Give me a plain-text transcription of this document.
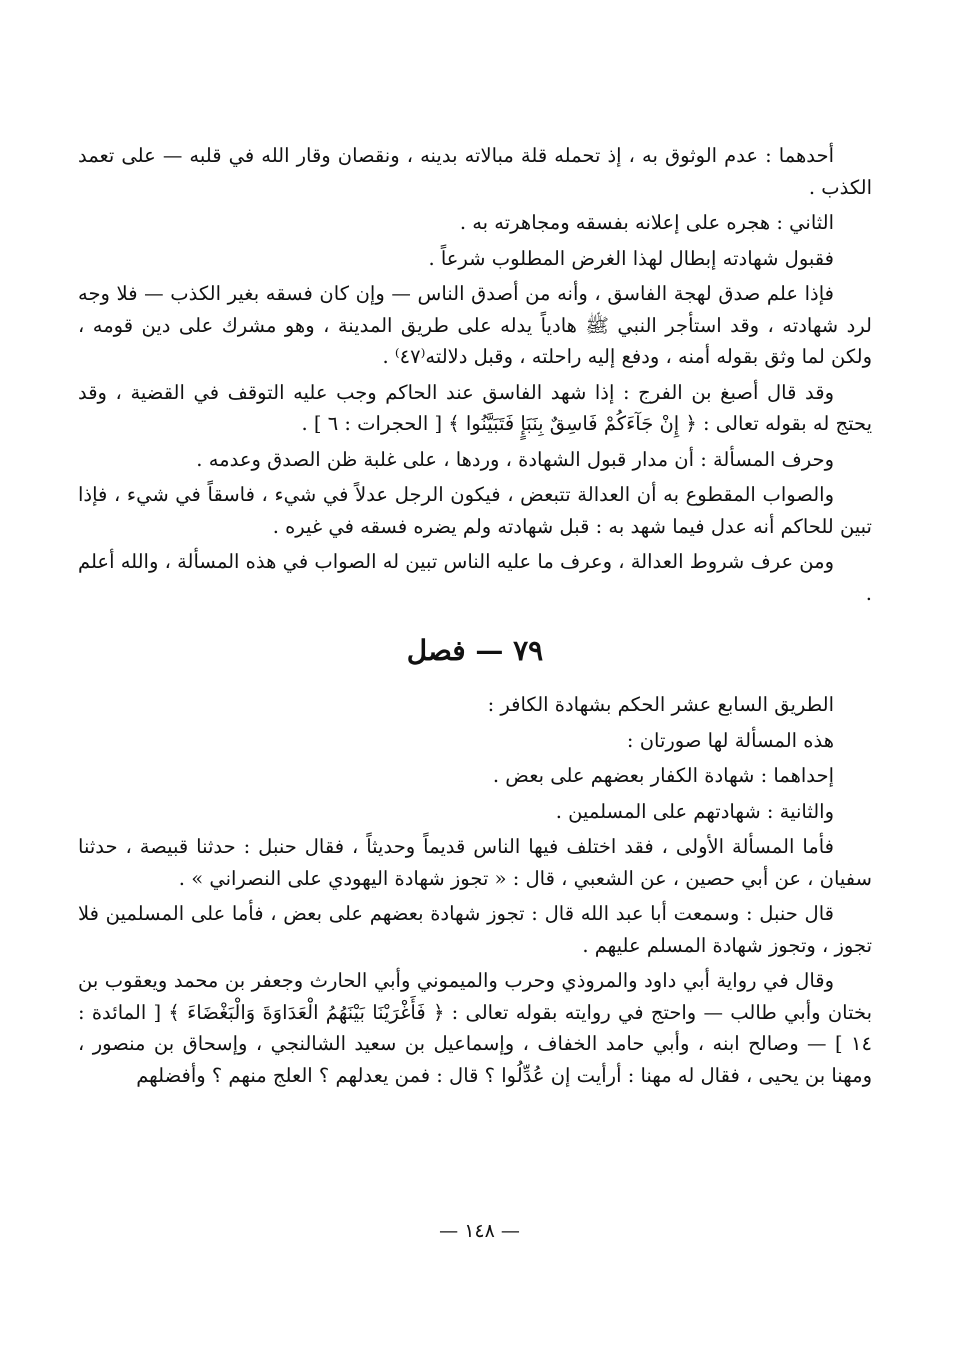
أحدهما : عدم الوثوق به ، إذ تحمله قلة مبالاته بدينه ، ونقصان وقار الله في قلبه — على تعمد الكذب .

الثاني : هجره على إعلانه بفسقه ومجاهرته به .

فقبول شهادته إبطال لهذا الغرض المطلوب شرعاً .

فإذا علم صدق لهجة الفاسق ، وأنه من أصدق الناس — وإن كان فسقه بغير الكذب — فلا وجه لرد شهادته ، وقد استأجر النبي ﷺ هادياً يدله على طريق المدينة ، وهو مشرك على دين قومه ، ولكن لما وثق بقوله أمنه ، ودفع إليه راحلته ، وقبل دلالته⁽٤٧⁾ .

وقد قال أصبغ بن الفرج : إذا شهد الفاسق عند الحاكم وجب عليه التوقف في القضية ، وقد يحتج له بقوله تعالى : ﴿ إِنْ جَآءَكُمْ فَاسِقٌ بِنَبَإٍ فَتَبَيَّنُوا ﴾ [ الحجرات : ٦ ] .

وحرف المسألة : أن مدار قبول الشهادة ، وردها ، على غلبة ظن الصدق وعدمه .

والصواب المقطوع به أن العدالة تتبعض ، فيكون الرجل عدلاً في شيء ، فاسقاً في شيء ، فإذا تبين للحاكم أنه عدل فيما شهد به : قبل شهادته ولم يضره فسقه في غيره .

ومن عرف شروط العدالة ، وعرف ما عليه الناس تبين له الصواب في هذه المسألة ، والله أعلم .

٧٩ — فصل

الطريق السابع عشر الحكم بشهادة الكافر :

هذه المسألة لها صورتان :

إحداهما : شهادة الكفار بعضهم على بعض .

والثانية : شهادتهم على المسلمين .

فأما المسألة الأولى ، فقد اختلف فيها الناس قديماً وحديثاً ، فقال حنبل : حدثنا قبيصة ، حدثنا سفيان ، عن أبي حصين ، عن الشعبي ، قال : « تجوز شهادة اليهودي على النصراني » .

قال حنبل : وسمعت أبا عبد الله قال : تجوز شهادة بعضهم على بعض ، فأما على المسلمين فلا تجوز ، وتجوز شهادة المسلم عليهم .

وقال في رواية أبي داود والمروذي وحرب والميموني وأبي الحارث وجعفر بن محمد ويعقوب بن بختان وأبي طالب — واحتج في روايته بقوله تعالى : ﴿ فَأَغْرَيْنَا بَيْنَهُمُ الْعَدَاوَةَ وَالْبَغْضَاءَ ﴾ [ المائدة : ١٤ ] — وصالح ابنه ، وأبي حامد الخفاف ، وإسماعيل بن سعيد الشالنجي ، وإسحاق بن منصور ، ومهنا بن يحيى ، فقال له مهنا : أرأيت إن عُدِّلُوا ؟ قال : فمن يعدلهم ؟ العلج منهم ؟ وأفضلهم

— ١٤٨ —
